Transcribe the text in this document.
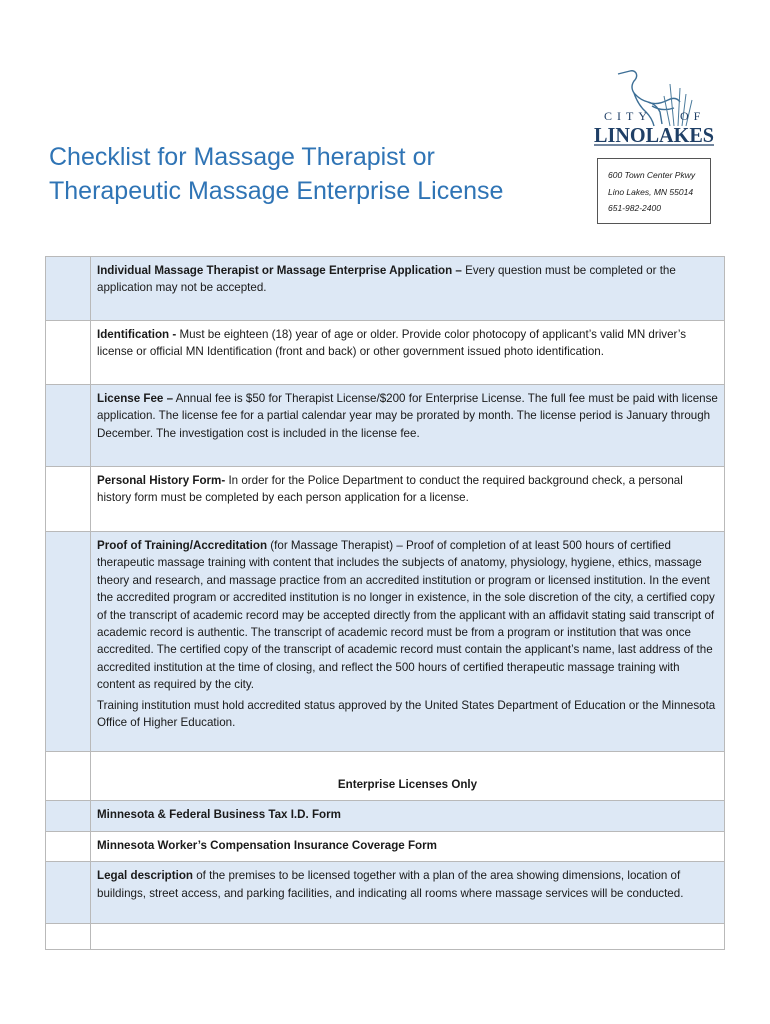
Checklist for Massage Therapist or
Therapeutic Massage Enterprise License
CITY OF
LINOLAKES
600 Town Center Pkwy
Lino Lakes, MN 55014
651-982-2400
	Individual Massage Therapist or Massage Enterprise Application – Every question must be completed or the application may not be accepted.
	Identification - Must be eighteen (18) year of age or older. Provide color photocopy of applicant’s valid MN driver’s license or official MN Identification (front and back) or other government issued photo identification.
	License Fee – Annual fee is $50 for Therapist License/$200 for Enterprise License. The full fee must be paid with license application. The license fee for a partial calendar year may be prorated by month. The license period is January through December. The investigation cost is included in the license fee.
	Personal History Form- In order for the Police Department to conduct the required background check, a personal history form must be completed by each person application for a license.
	Proof of Training/Accreditation (for Massage Therapist) – Proof of completion of at least 500 hours of certified therapeutic massage training with content that includes the subjects of anatomy, physiology, hygiene, ethics, massage theory and research, and massage practice from an accredited institution or program or licensed institution. In the event the accredited program or accredited institution is no longer in existence, in the sole discretion of the city, a certified copy of the transcript of academic record may be accepted directly from the applicant with an affidavit stating said transcript of academic record is authentic. The transcript of academic record must be from a program or institution that was once accredited. The certified copy of the transcript of academic record must contain the applicant’s name, last address of the accredited institution at the time of closing, and reflect the 500 hours of certified therapeutic massage training with content as required by the city.
Training institution must hold accredited status approved by the United States Department of Education or the Minnesota Office of Higher Education.

	Enterprise Licenses Only
	Minnesota & Federal Business Tax I.D. Form
	Minnesota Worker’s Compensation Insurance Coverage Form
	Legal description of the premises to be licensed together with a plan of the area showing dimensions, location of buildings, street access, and parking facilities, and indicating all rooms where massage services will be conducted.
